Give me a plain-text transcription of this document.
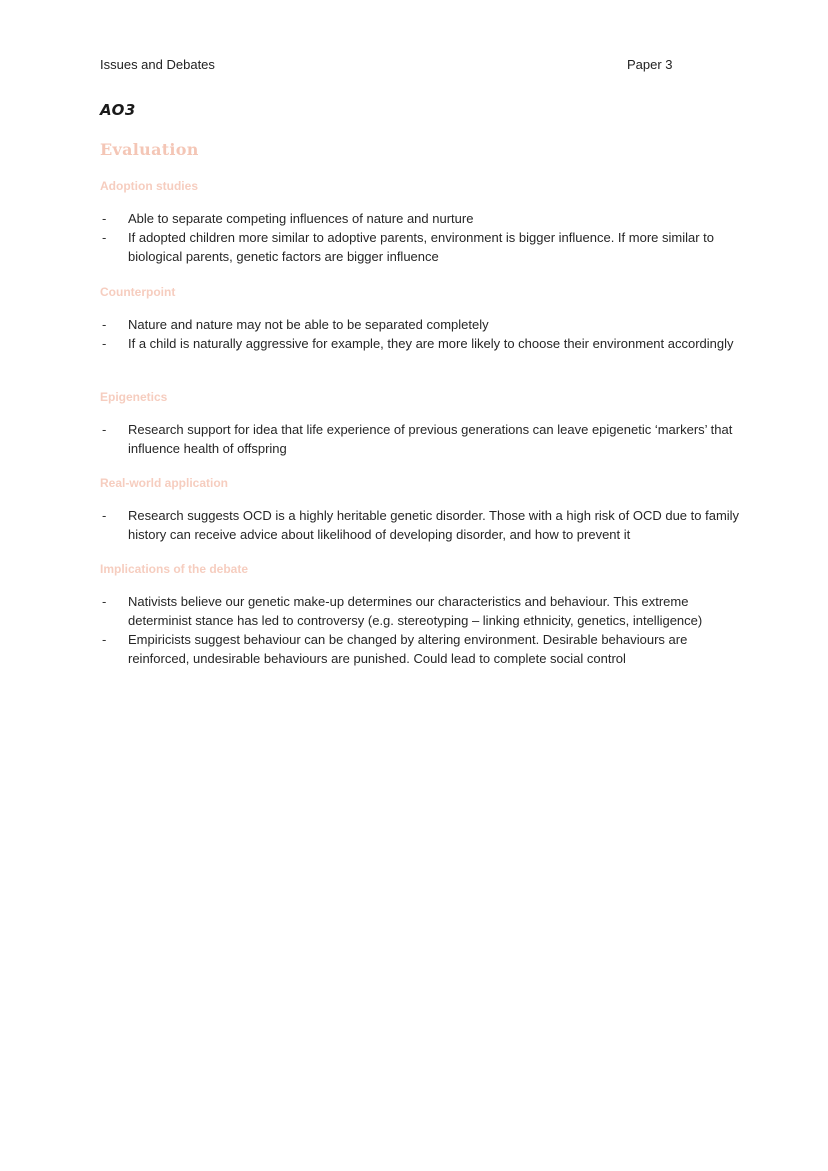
Issues and Debates	Paper 3
AO3
Evaluation
Adoption studies
- Able to separate competing influences of nature and nurture
- If adopted children more similar to adoptive parents, environment is bigger influence. If more similar to biological parents, genetic factors are bigger influence
Counterpoint
- Nature and nature may not be able to be separated completely
- If a child is naturally aggressive for example, they are more likely to choose their environment accordingly
Epigenetics
- Research support for idea that life experience of previous generations can leave epigenetic ‘markers’ that influence health of offspring
Real-world application
- Research suggests OCD is a highly heritable genetic disorder. Those with a high risk of OCD due to family history can receive advice about likelihood of developing disorder, and how to prevent it
Implications of the debate
- Nativists believe our genetic make-up determines our characteristics and behaviour. This extreme determinist stance has led to controversy (e.g. stereotyping – linking ethnicity, genetics, intelligence)
- Empiricists suggest behaviour can be changed by altering environment. Desirable behaviours are reinforced, undesirable behaviours are punished. Could lead to complete social control
